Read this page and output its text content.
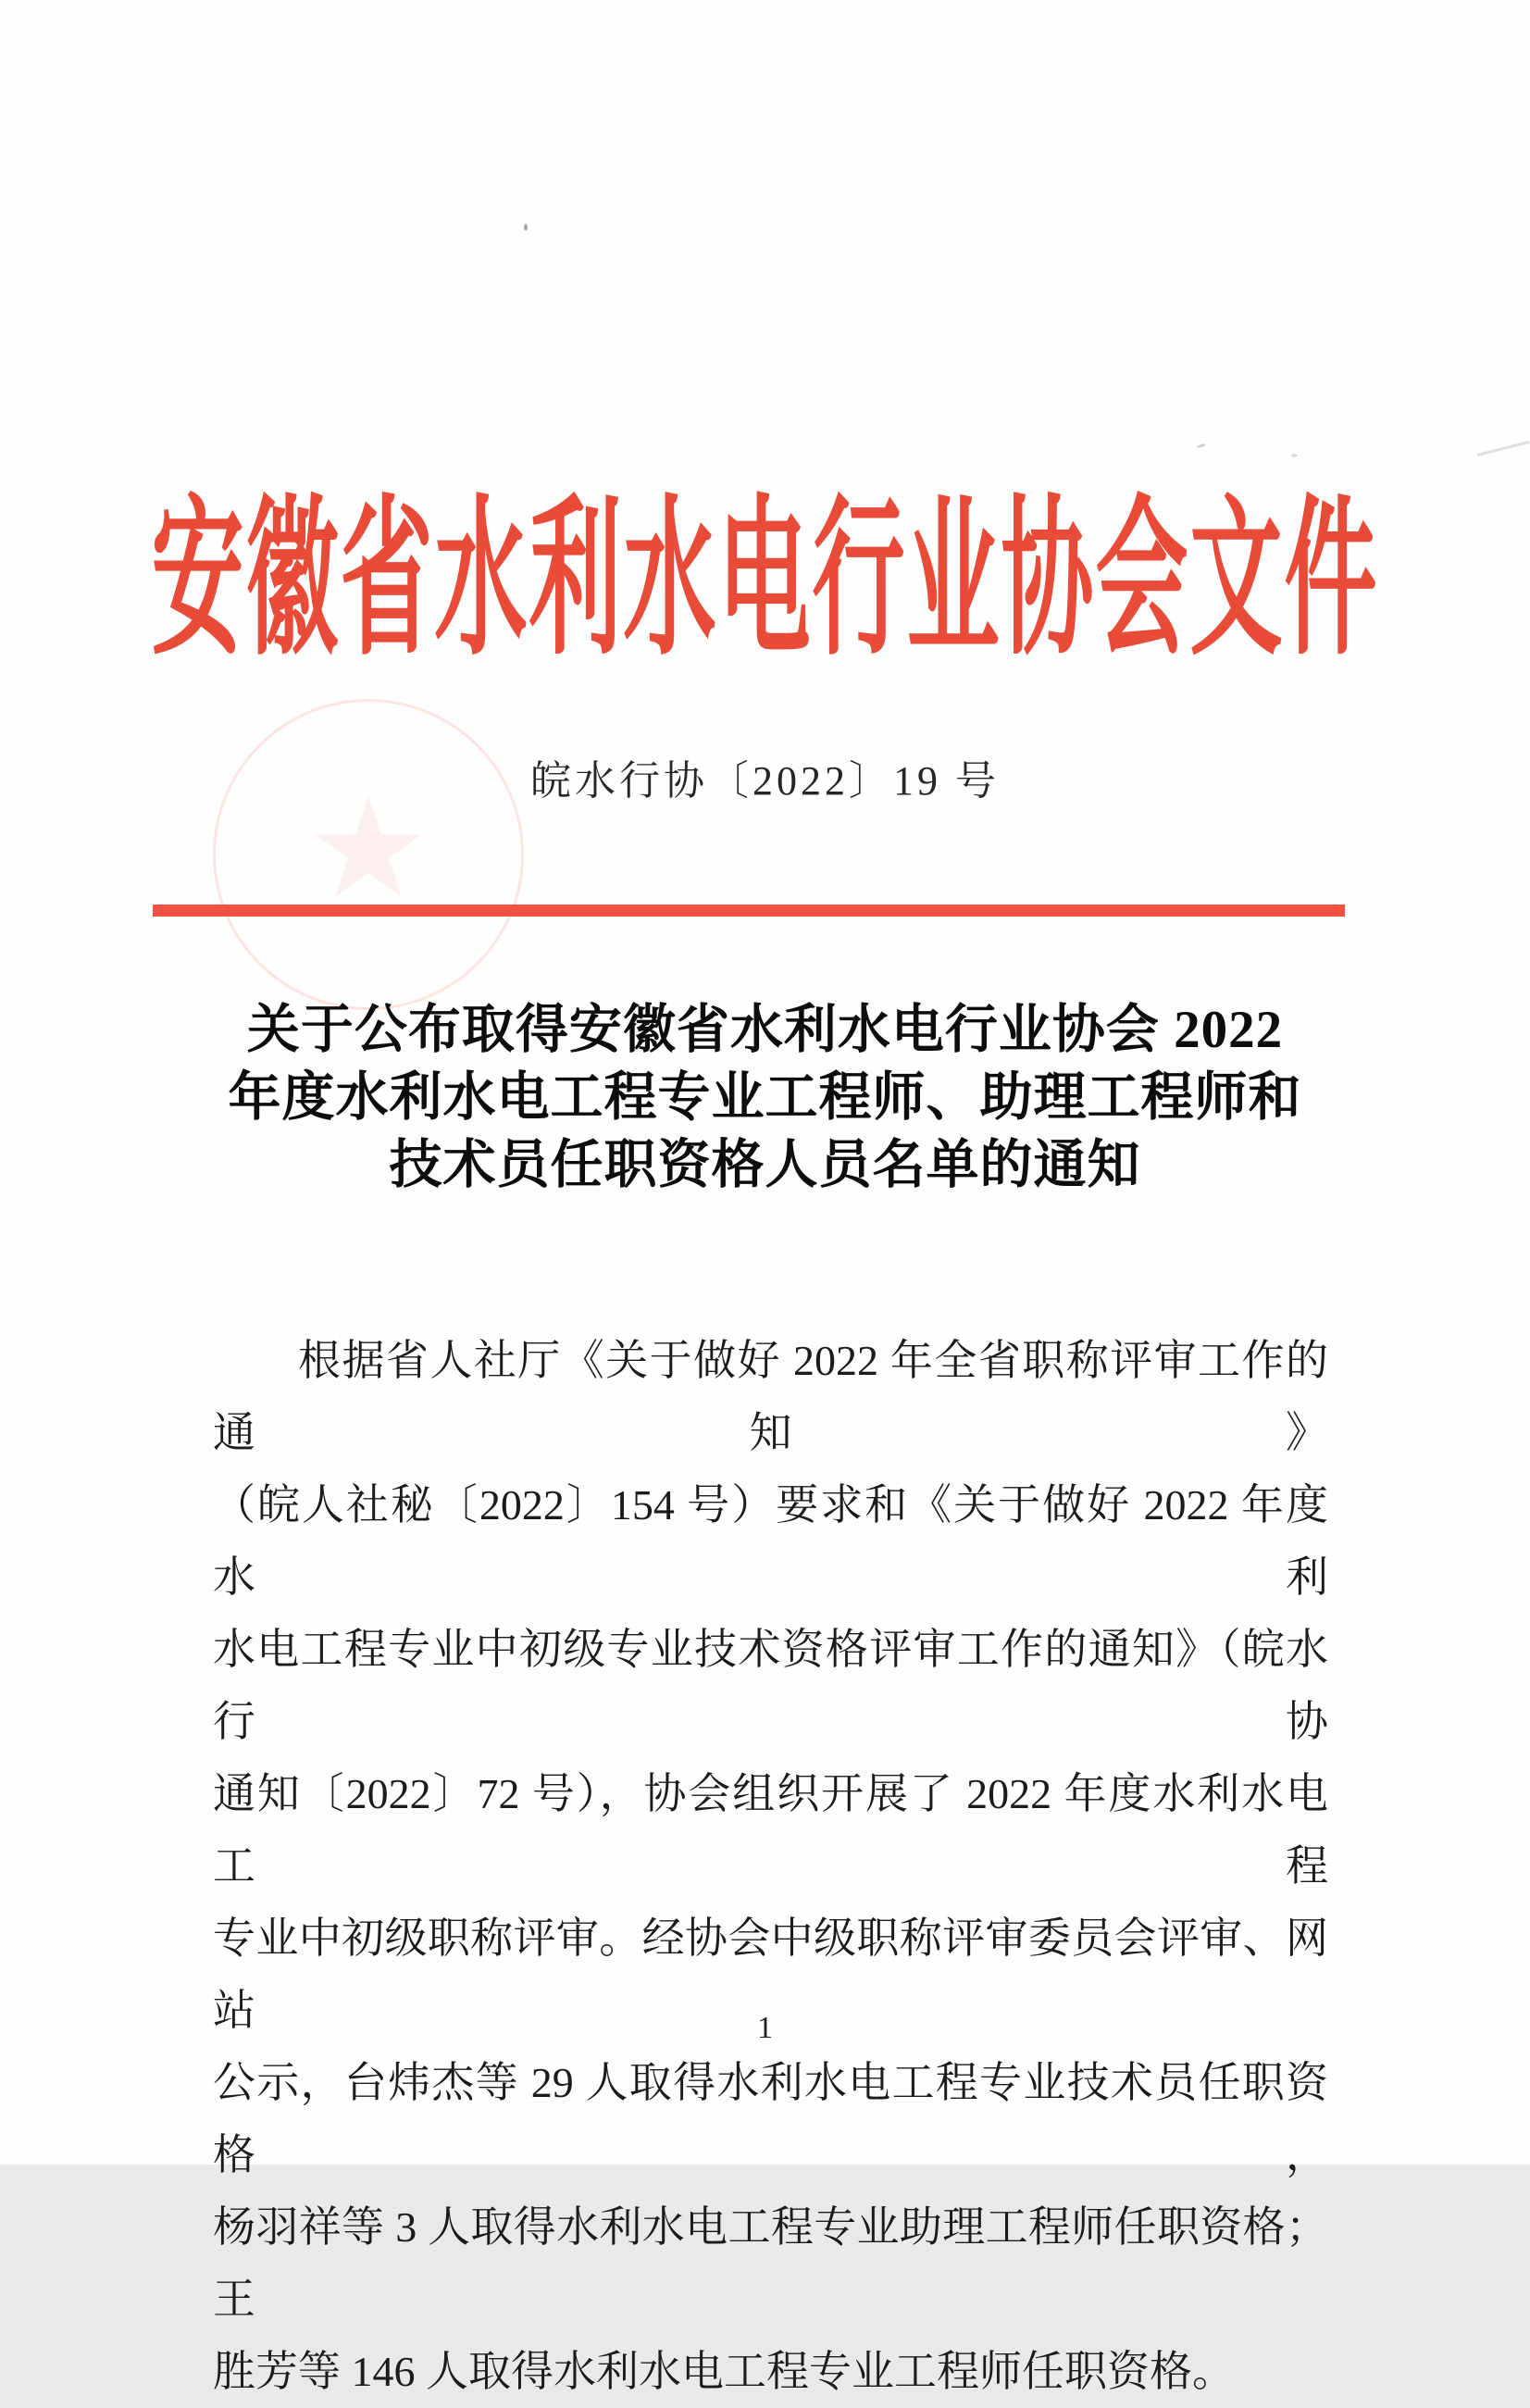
★
安徽省水利水电行业协会文件
皖水行协〔2022〕19 号
关于公布取得安徽省水利水电行业协会 2022
年度水利水电工程专业工程师、助理工程师和
技术员任职资格人员名单的通知
根据省人社厅《关于做好 2022 年全省职称评审工作的通知》
（皖人社秘〔2022〕154 号）要求和《关于做好 2022 年度水利
水电工程专业中初级专业技术资格评审工作的通知》（皖水行协
通知〔2022〕72 号），协会组织开展了 2022 年度水利水电工程
专业中初级职称评审。经协会中级职称评审委员会评审、网站
公示，台炜杰等 29 人取得水利水电工程专业技术员任职资格，
杨羽祥等 3 人取得水利水电工程专业助理工程师任职资格；王
胜芳等 146 人取得水利水电工程专业工程师任职资格。
1
